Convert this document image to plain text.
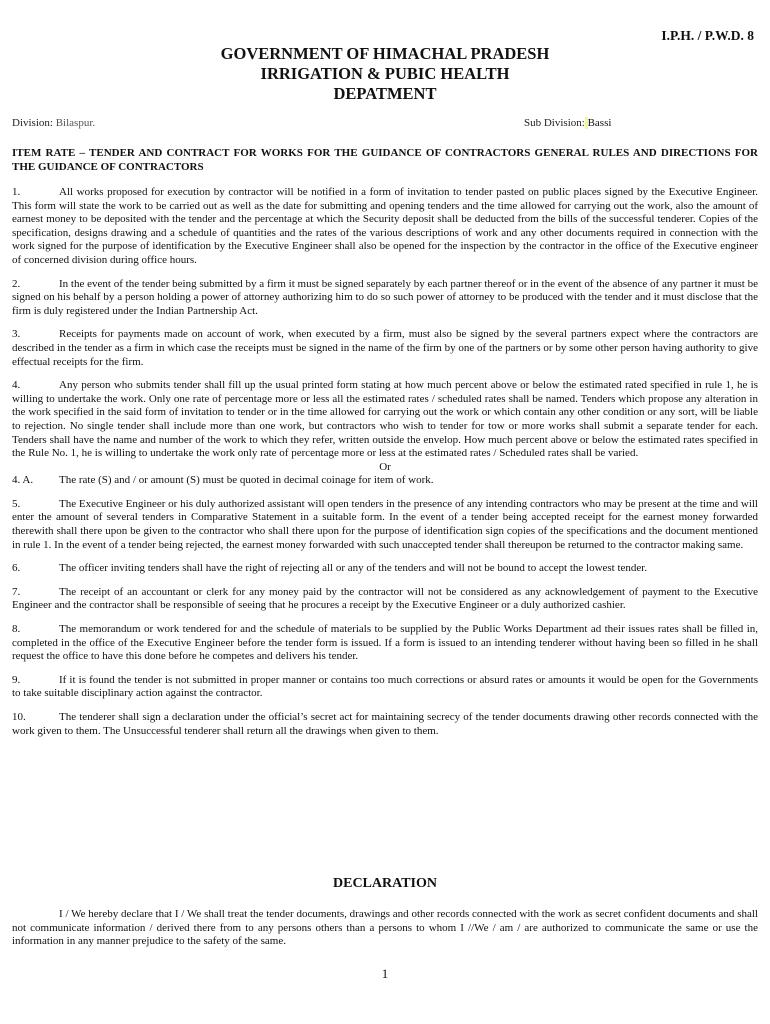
I.P.H. / P.W.D. 8
GOVERNMENT OF HIMACHAL PRADESH
IRRIGATION & PUBIC HEALTH
DEPATMENT
Division: Bilaspur.	Sub Division: Bassi
ITEM RATE – TENDER AND CONTRACT FOR WORKS FOR THE GUIDANCE OF CONTRACTORS GENERAL RULES AND DIRECTIONS FOR THE GUIDANCE OF CONTRACTORS

1.	All works proposed for execution by contractor will be notified in a form of invitation to tender pasted on public places signed by the Executive Engineer. This form will state the work to be carried out as well as the date for submitting and opening tenders and the time allowed for carrying out the work, also the amount of earnest money to be deposited with the tender and the percentage at which the Security deposit shall be deducted from the bills of the successful tenderer. Copies of the specification, designs drawing and a schedule of quantities and the rates of the various descriptions of work and any other documents required in connection with the work signed for the purpose of identification by the Executive Engineer shall also be opened for the inspection by the contractor in the office of the Executive engineer of concerned division during office hours.

2.	In the event of the tender being submitted by a firm it must be signed separately by each partner thereof or in the event of the absence of any partner it must be signed on his behalf by a person holding a power of attorney authorizing him to do so such power of attorney to be produced with the tender and it must disclose that the firm is duly registered under the Indian Partnership Act.

3.	Receipts for payments made on account of work, when executed by a firm, must also be signed by the several partners expect where the contractors are described in the tender as a firm in which case the receipts must be signed in the name of the firm by one of the partners or by some other person having authority to give effectual receipts for the firm.

4.	Any person who submits tender shall fill up the usual printed form stating at how much percent above or below the estimated rated specified in rule 1, he is willing to undertake the work. Only one rate of percentage more or less all the estimated rates / scheduled rates shall be named. Tenders which propose any alteration in the work specified in the said form of invitation to tender or in the time allowed for carrying out the work or which contain any other condition or any sort, will be liable to rejection. No single tender shall include more than one work, but contractors who wish to tender for tow or more works shall submit a separate tender for each. Tenders shall have the name and number of the work to which they refer, written outside the envelop. How much percent above or below the estimated rates specified in the Rule No. 1, he is willing to undertake the work only rate of percentage more or less at the estimated rates / Scheduled rates shall be varied.

Or

4. A. The rate (S) and / or amount (S) must be quoted in decimal coinage for item of work.

5.	The Executive Engineer or his duly authorized assistant will open tenders in the presence of any intending contractors who may be present at the time and will enter the amount of several tenders in Comparative Statement in a suitable form. In the event of a tender being accepted receipt for the earnest money forwarded therewith shall there upon be given to the contractor who shall there upon for the purpose of identification sign copies of the specifications and the document mentioned in rule 1. In the event of a tender being rejected, the earnest money forwarded with such unaccepted tender shall thereupon be returned to the contractor making same.

6.	The officer inviting tenders shall have the right of rejecting all or any of the tenders and will not be bound to accept the lowest tender.

7.	The receipt of an accountant or clerk for any money paid by the contractor will not be considered as any acknowledgement of payment to the Executive Engineer and the contractor shall be responsible of seeing that he procures a receipt by the Executive Engineer or a duly authorized cashier.

8.	The memorandum or work tendered for and the schedule of materials to be supplied by the Public Works Department ad their issues rates shall be filled in, completed in the office of the Executive Engineer before the tender form is issued. If a form is issued to an intending tenderer without having been so filled in he shall request the office to have this done before he competes and delivers his tender.

9.	If it is found the tender is not submitted in proper manner or contains too much corrections or absurd rates or amounts it would be open for the Governments to take suitable disciplinary action against the contractor.

10.	The tenderer shall sign a declaration under the official’s secret act for maintaining secrecy of the tender documents drawing other records connected with the work given to them. The Unsuccessful tenderer shall return all the drawings when given to them.

DECLARATION
I / We hereby declare that I / We shall treat the tender documents, drawings and other records connected with the work as secret confident documents and shall not communicate information / derived there from to any persons others than a persons to whom I //We / am / are authorized to communicate the same or use the information in any manner prejudice to the safety of the same.
1
